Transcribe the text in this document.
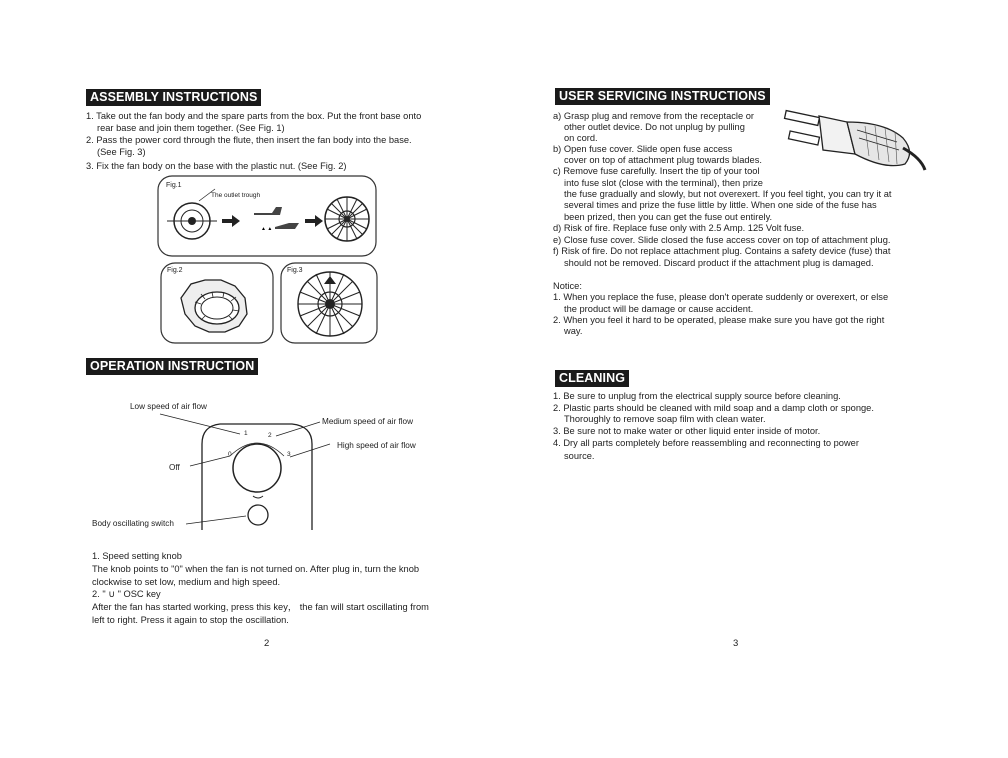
ASSEMBLY INSTRUCTIONS
1. Take out the fan body and the spare parts from the box. Put the front base onto
rear base and join them together. (See Fig. 1)
2. Pass the power cord through the flute, then insert the fan body into the base.
(See Fig. 3)
3. Fix the fan body on the base with the plastic nut. (See Fig. 2)
▲ ▲
Fig.1
The outlet trough
Fig.2	Fig.3
OPERATION INSTRUCTION
Low speed of air flow
Medium speed of air flow
High speed of air flow
Off
Body oscillating switch
0
1	2
3
1. Speed setting knob
The knob points to "0" when the fan is not turned on. After plug in, turn the knob
clockwise to set low, medium and high speed.
2. " ∪ " OSC key
After the fan has started working, press this key， the fan will start oscillating from
left to right. Press it again to stop the oscillation.
2
USER SERVICING INSTRUCTIONS
a) Grasp plug and remove from the receptacle or
other outlet device. Do not unplug by pulling
on cord.
b) Open fuse cover. Slide open fuse access
cover on top of attachment plug towards blades.
c) Remove fuse carefully. Insert the tip of your tool
into fuse slot (close with the terminal), then prize
the fuse gradually and slowly, but not overexert. If you feel tight, you can try it at
several times and prize the fuse little by little. When one side of the fuse has
been prized, then you can get the fuse out entirely.
d) Risk of fire. Replace fuse only with 2.5 Amp. 125 Volt fuse.
e) Close fuse cover. Slide closed the fuse access cover on top of attachment plug.
f) Risk of fire. Do not replace attachment plug. Contains a safety device (fuse) that
should not be removed. Discard product if the attachment plug is damaged.
Notice:
1. When you replace the fuse, please don't operate suddenly or overexert, or else
the product will be damage or cause accident.
2. When you feel it hard to be operated, please make sure you have got the right
way.
CLEANING
1. Be sure to unplug from the electrical supply source before cleaning.
2. Plastic parts should be cleaned with mild soap and a damp cloth or sponge.
Thoroughly to remove soap film with clean water.
3. Be sure not to make water or other liquid enter inside of motor.
4. Dry all parts completely before reassembling and reconnecting to power
source.
3
